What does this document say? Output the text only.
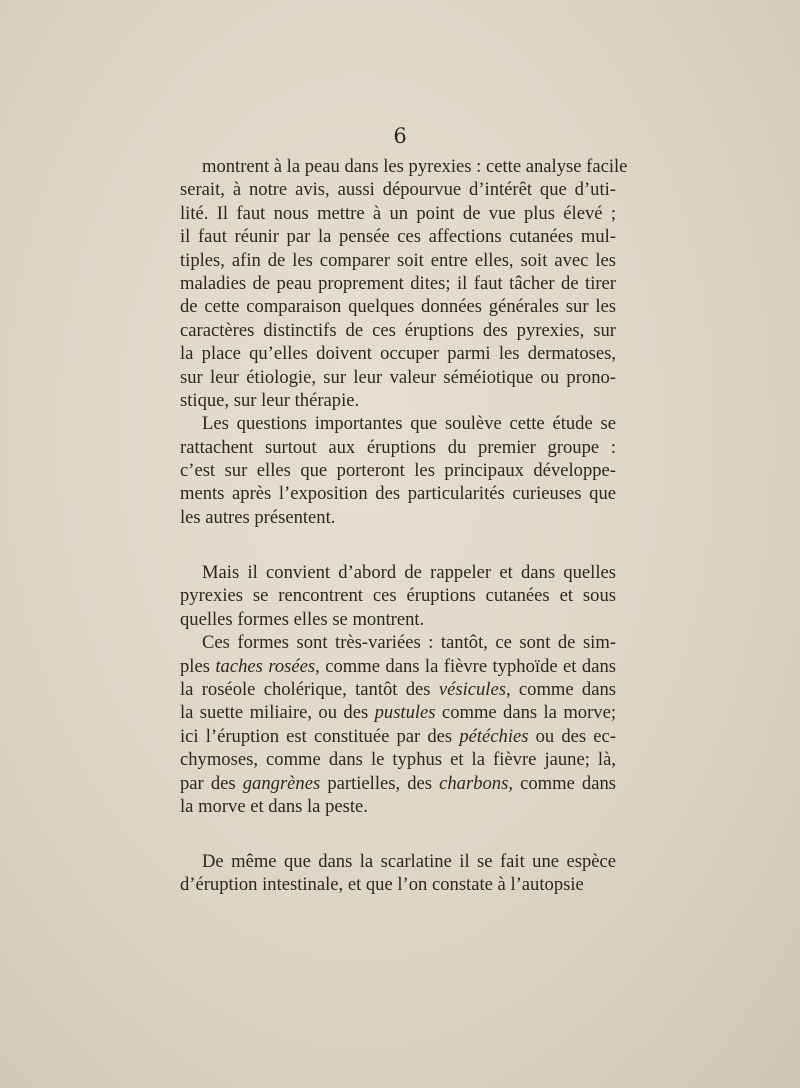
6

montrent à la peau dans les pyrexies : cette analyse facile
serait, à notre avis, aussi dépourvue d’intérêt que d’uti-
lité. Il faut nous mettre à un point de vue plus élevé ;
il faut réunir par la pensée ces affections cutanées mul-
tiples, afin de les comparer soit entre elles, soit avec les
maladies de peau proprement dites; il faut tâcher de tirer
de cette comparaison quelques données générales sur les
caractères distinctifs de ces éruptions des pyrexies, sur
la place qu’elles doivent occuper parmi les dermatoses,
sur leur étiologie, sur leur valeur séméiotique ou prono-
stique, sur leur thérapie.

Les questions importantes que soulève cette étude se
rattachent surtout aux éruptions du premier groupe :
c’est sur elles que porteront les principaux développe-
ments après l’exposition des particularités curieuses que
les autres présentent.

Mais il convient d’abord de rappeler et dans quelles
pyrexies se rencontrent ces éruptions cutanées et sous
quelles formes elles se montrent.

Ces formes sont très-variées : tantôt, ce sont de sim-
ples taches rosées, comme dans la fièvre typhoïde et dans
la roséole cholérique, tantôt des vésicules, comme dans
la suette miliaire, ou des pustules comme dans la morve;
ici l’éruption est constituée par des pétéchies ou des ec-
chymoses, comme dans le typhus et la fièvre jaune; là,
par des gangrènes partielles, des charbons, comme dans
la morve et dans la peste.

De même que dans la scarlatine il se fait une espèce
d’éruption intestinale, et que l’on constate à l’autopsie
